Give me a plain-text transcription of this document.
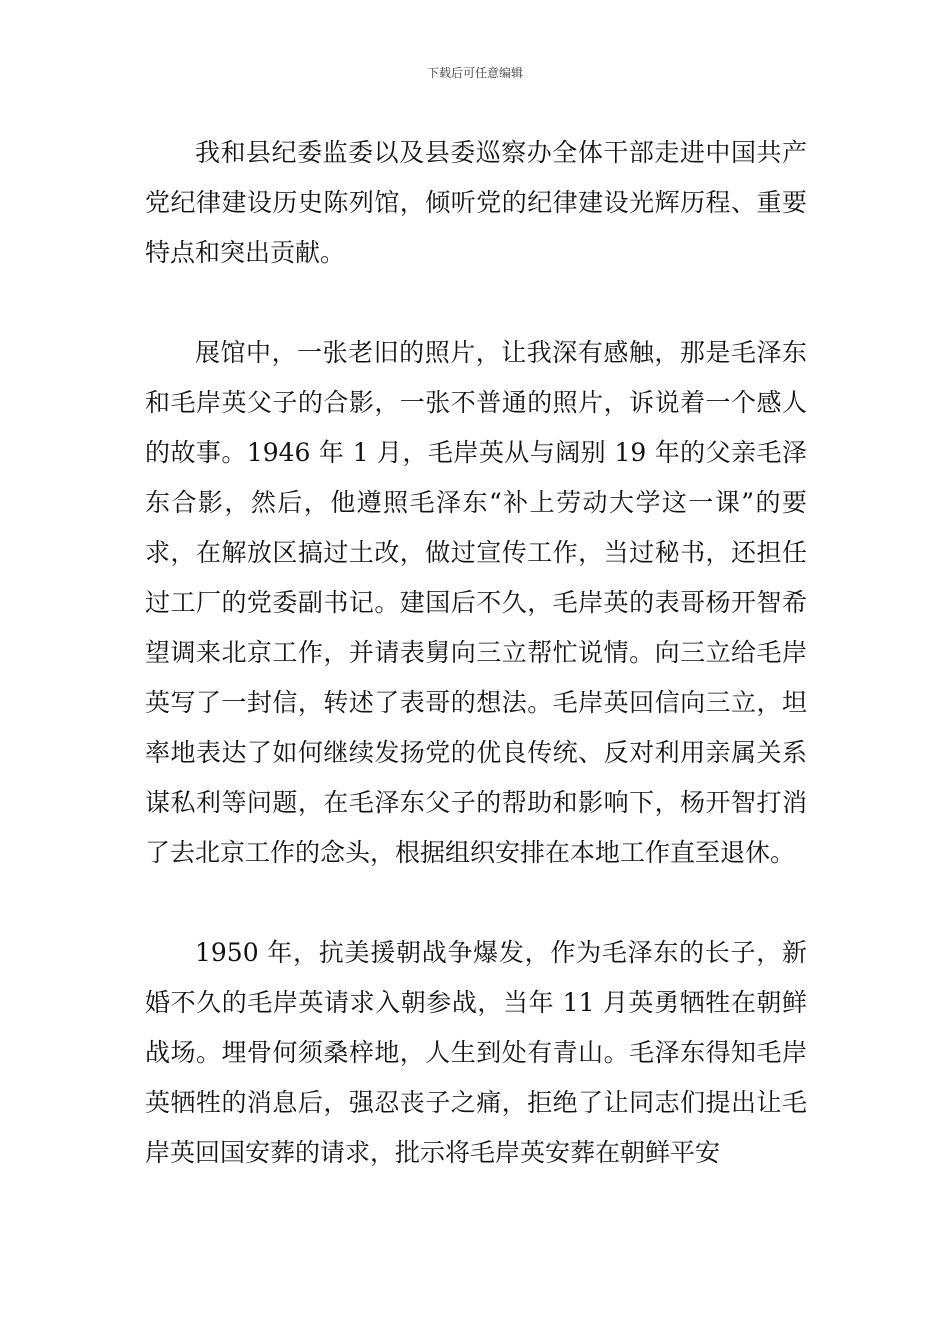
下载后可任意编辑

我和县纪委监委以及县委巡察办全体干部走进中国共产党纪律建设历史陈列馆，倾听党的纪律建设光辉历程、重要特点和突出贡献。

展馆中，一张老旧的照片，让我深有感触，那是毛泽东和毛岸英父子的合影，一张不普通的照片，诉说着一个感人的故事。1946 年 1 月，毛岸英从与阔别 19 年的父亲毛泽东合影，然后，他遵照毛泽东“补上劳动大学这一课”的要求，在解放区搞过土改，做过宣传工作，当过秘书，还担任过工厂的党委副书记。建国后不久，毛岸英的表哥杨开智希望调来北京工作，并请表舅向三立帮忙说情。向三立给毛岸英写了一封信，转述了表哥的想法。毛岸英回信向三立，坦率地表达了如何继续发扬党的优良传统、反对利用亲属关系谋私利等问题，在毛泽东父子的帮助和影响下，杨开智打消了去北京工作的念头，根据组织安排在本地工作直至退休。

1950 年，抗美援朝战争爆发，作为毛泽东的长子，新婚不久的毛岸英请求入朝参战，当年 11 月英勇牺牲在朝鲜战场。埋骨何须桑梓地，人生到处有青山。毛泽东得知毛岸英牺牲的消息后，强忍丧子之痛，拒绝了让同志们提出让毛岸英回国安葬的请求，批示将毛岸英安葬在朝鲜平安
